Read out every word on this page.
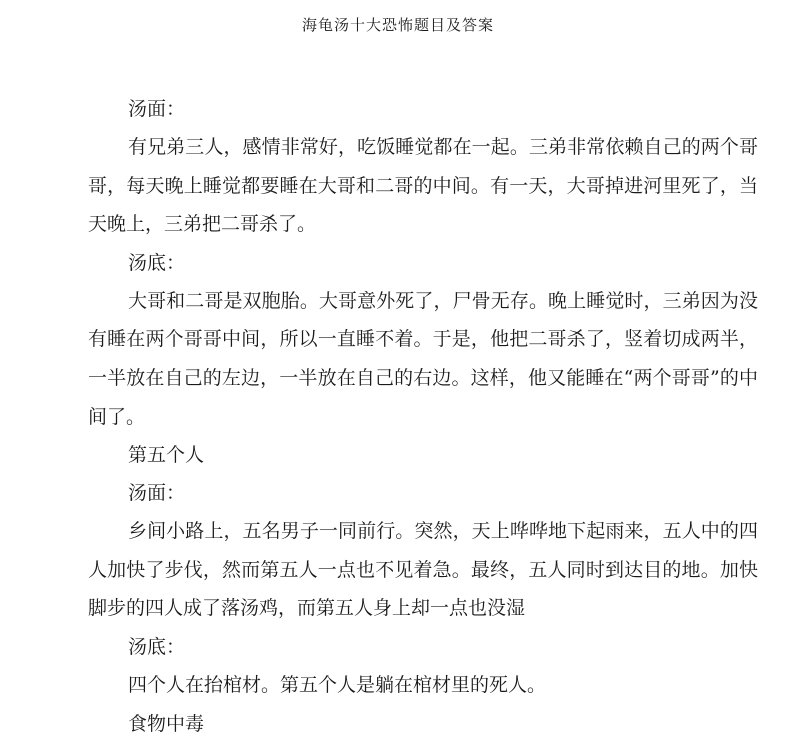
海龟汤十大恐怖题目及答案
汤面：

有兄弟三人，感情非常好，吃饭睡觉都在一起。三弟非常依赖自己的两个哥哥，每天晚上睡觉都要睡在大哥和二哥的中间。有一天，大哥掉进河里死了，当天晚上，三弟把二哥杀了。

汤底：

大哥和二哥是双胞胎。大哥意外死了，尸骨无存。晚上睡觉时，三弟因为没有睡在两个哥哥中间，所以一直睡不着。于是，他把二哥杀了，竖着切成两半，一半放在自己的左边，一半放在自己的右边。这样，他又能睡在“两个哥哥”的中间了。

第五个人
汤面：

乡间小路上，五名男子一同前行。突然，天上哗哗地下起雨来，五人中的四人加快了步伐，然而第五人一点也不见着急。最终，五人同时到达目的地。加快脚步的四人成了落汤鸡，而第五人身上却一点也没湿

汤底：

四个人在抬棺材。第五个人是躺在棺材里的死人。

食物中毒
